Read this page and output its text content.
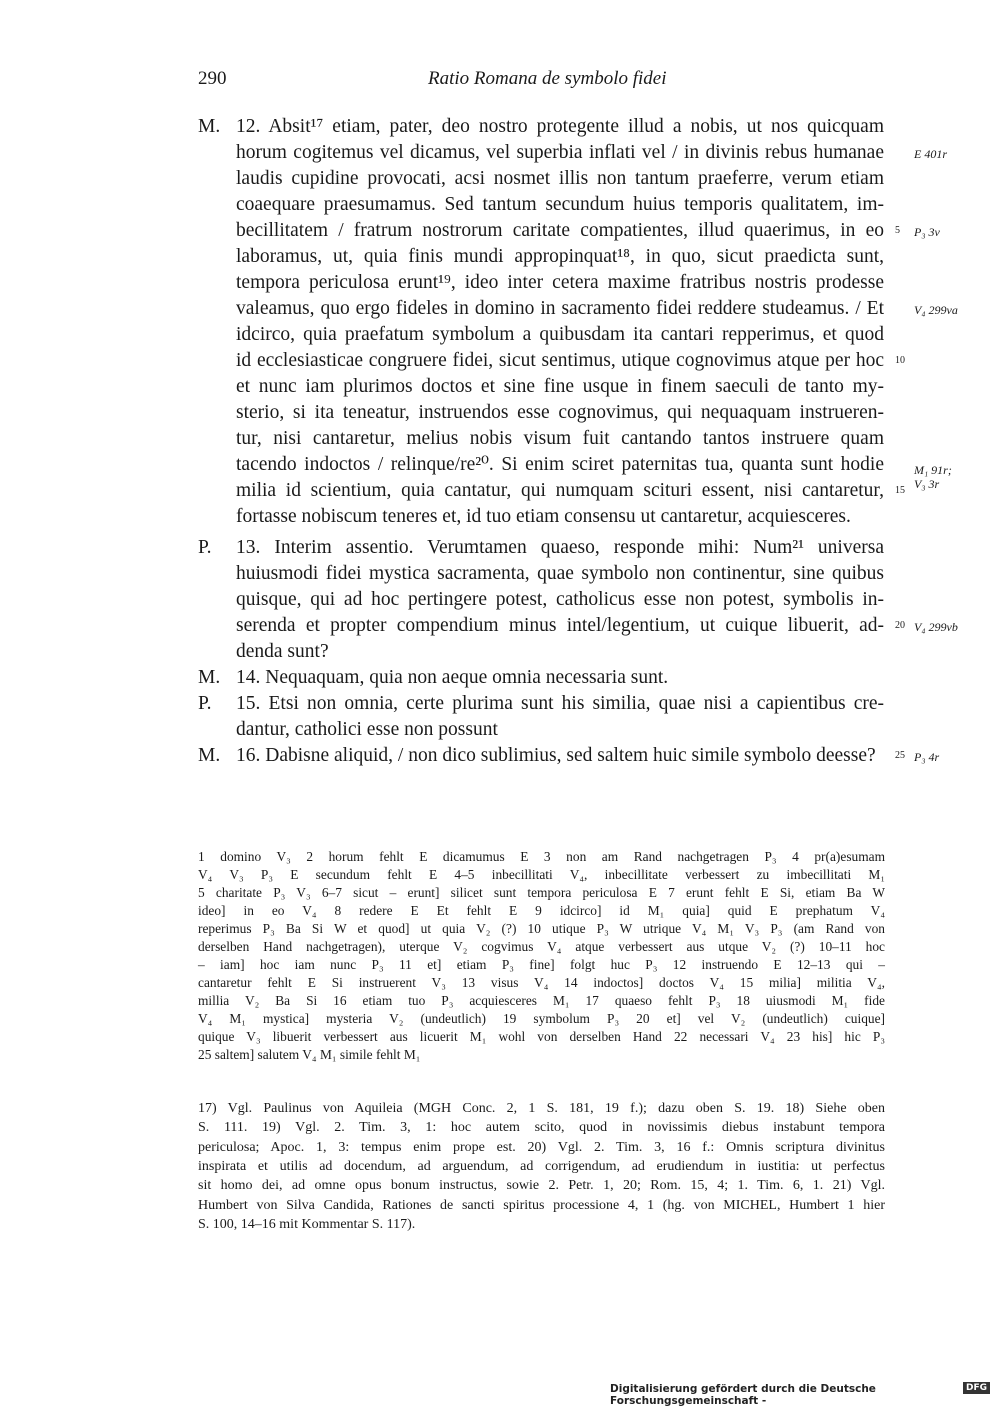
290	Ratio Romana de symbolo fidei
M.
P.
M.
P.
M.
12. Absit¹⁷ etiam, pater, deo nostro protegente illud a nobis, ut nos quicquam
horum cogitemus vel dicamus, vel superbia inflati vel / in divinis rebus humanae
laudis cupidine provocati, acsi nosmet illis non tantum praeferre, verum etiam
coaequare praesumamus. Sed tantum secundum huius temporis qualitatem, im-
becillitatem / fratrum nostrorum caritate compatientes, illud quaerimus, in eo
laboramus, ut, quia finis mundi appropinquat¹⁸, in quo, sicut praedicta sunt,
tempora periculosa erunt¹⁹, ideo inter cetera maxime fratribus nostris prodesse
valeamus, quo ergo fideles in domino in sacramento fidei reddere studeamus. / Et
idcirco, quia praefatum symbolum a quibusdam ita cantari repperimus, et quod
id ecclesiasticae congruere fidei, sicut sentimus, utique cognovimus atque per hoc
et nunc iam plurimos doctos et sine fine usque in finem saeculi de tanto my-
sterio, si ita teneatur, instruendos esse cognovimus, qui nequaquam instrueren-
tur, nisi cantaretur, melius nobis visum fuit cantando tantos instruere quam
tacendo indoctos / relinque/re²⁰. Si enim sciret paternitas tua, quanta sunt hodie
milia id scientium, quia cantatur, qui numquam sciturі essent, nisi cantaretur,
fortasse nobiscum teneres et, id tuo etiam consensu ut cantaretur, acquiesceres.
13. Interim assentio. Verumtamen quaeso, responde mihi: Num²¹ universa
huiusmodi fidei mystica sacramenta, quae symbolo non continentur, sine quibus
quisque, qui ad hoc pertingere potest, catholicus esse non potest, symbolis in-
serenda et propter compendium minus intel/legentium, ut cuique libuerit, ad-
denda sunt?
14. Nequaquam, quia non aeque omnia necessaria sunt.
15. Etsi non omnia, certe plurima sunt his similia, quae nisi a capientibus cre-
dantur, catholici esse non possunt
16. Dabisne aliquid, / non dico sublimius, sed saltem huic simile symbolo deesse?
5
10
15
20
25
E 401r
P₃ 3v
V₄ 299va
M₁ 91r;
V₃ 3r
V₄ 299vb
P₃ 4r
1 domino V₃ 2 horum fehlt E dicamumus E 3 non am Rand nachgetragen P₃ 4 pr(a)esumam
V₄ V₃ P₃ E secundum fehlt E 4–5 inbecillitati V₄, inbecillitate verbessert zu imbecillitati M₁
5 charitate P₃ V₃ 6–7 sicut – erunt] silicet sunt tempora periculosa E 7 erunt fehlt E Si, etiam Ba W
ideo] in eo V₄ 8 redere E Et fehlt E 9 idcirco] id M₁ quia] quid E prephatum V₄
reperimus P₃ Ba Si W et quod] ut quia V₂ (?) 10 utique P₃ W utrique V₄ M₁ V₃ P₃ (am Rand von
derselben Hand nachgetragen), uterque V₂ cogvimus V₄ atque verbessert aus utque V₂ (?) 10–11 hoc
– iam] hoc iam nunc P₃ 11 et] etiam P₃ fine] folgt huc P₃ 12 instruendo E 12–13 qui –
cantaretur fehlt E Si instruerent V₃ 13 visus V₄ 14 indoctos] doctos V₄ 15 milia] militia V₄,
millia V₂ Ba Si 16 etiam tuo P₃ acquiesceres M₁ 17 quaeso fehlt P₃ 18 uiusmodi M₁ fide
V₄ M₁ mystica] mysteria V₂ (undeutlich) 19 symbolum P₃ 20 et] vel V₂ (undeutlich) cuique]
quique V₃ libuerit verbessert aus licuerit M₁ wohl von derselben Hand 22 necessari V₄ 23 his] hic P₃
25 saltem] salutem V₄ M₁ simile fehlt M₁
17) Vgl. Paulinus von Aquileia (MGH Conc. 2, 1 S. 181, 19 f.); dazu oben S. 19. 18) Siehe oben
S. 111. 19) Vgl. 2. Tim. 3, 1: hoc autem scito, quod in novissimis diebus instabunt tempora
periculosa; Apoc. 1, 3: tempus enim prope est. 20) Vgl. 2. Tim. 3, 16 f.: Omnis scriptura divinitus
inspirata et utilis ad docendum, ad arguendum, ad corrigendum, ad erudiendum in iustitia: ut perfectus
sit homo dei, ad omne opus bonum instructus, sowie 2. Petr. 1, 20; Rom. 15, 4; 1. Tim. 6, 1. 21) Vgl.
Humbert von Silva Candida, Rationes de sancti spiritus processione 4, 1 (hg. von MICHEL, Humbert 1 hier
S. 100, 14–16 mit Kommentar S. 117).
Digitalisierung gefördert durch die Deutsche Forschungsgemeinschaft -
DFG
